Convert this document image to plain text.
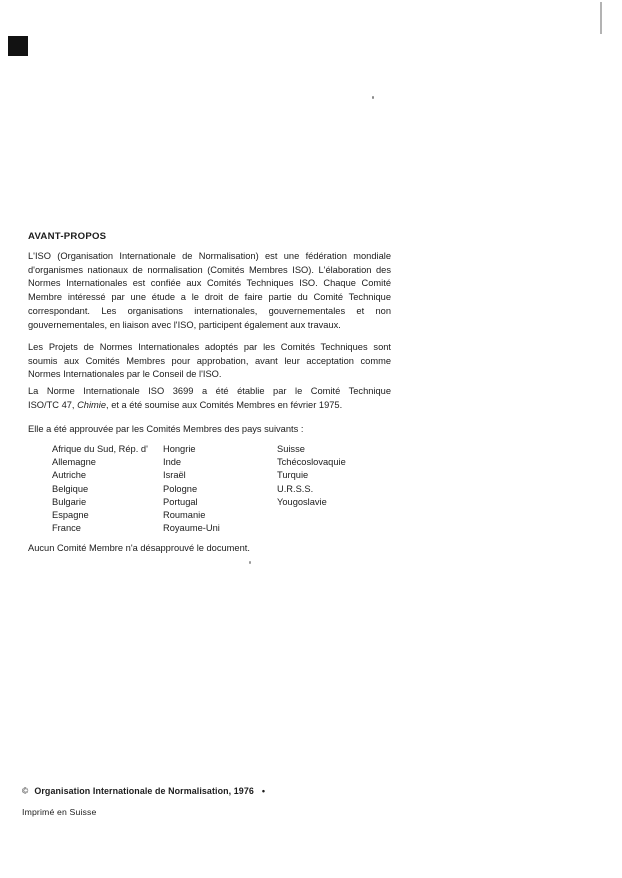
AVANT-PROPOS
L'ISO (Organisation Internationale de Normalisation) est une fédération mondiale
d'organismes nationaux de normalisation (Comités Membres ISO). L'élaboration des
Normes Internationales est confiée aux Comités Techniques ISO. Chaque Comité
Membre intéressé par une étude a le droit de faire partie du Comité Technique
correspondant. Les organisations internationales, gouvernementales et non
gouvernementales, en liaison avec l'ISO, participent également aux travaux.
Les Projets de Normes Internationales adoptés par les Comités Techniques sont
soumis aux Comités Membres pour approbation, avant leur acceptation comme
Normes Internationales par le Conseil de l'ISO.
La Norme Internationale ISO 3699 a été établie par le Comité Technique
ISO/TC 47, Chimie, et a été soumise aux Comités Membres en février 1975.
Elle a été approuvée par les Comités Membres des pays suivants :
Afrique du Sud, Rép. d'
Allemagne
Autriche
Belgique
Bulgarie
Espagne
France
Hongrie
Inde
Israël
Pologne
Portugal
Roumanie
Royaume-Uni
Suisse
Tchécoslovaquie
Turquie
U.R.S.S.
Yougoslavie
Aucun Comité Membre n'a désapprouvé le document.
© Organisation Internationale de Normalisation, 1976 •
Imprimé en Suisse
